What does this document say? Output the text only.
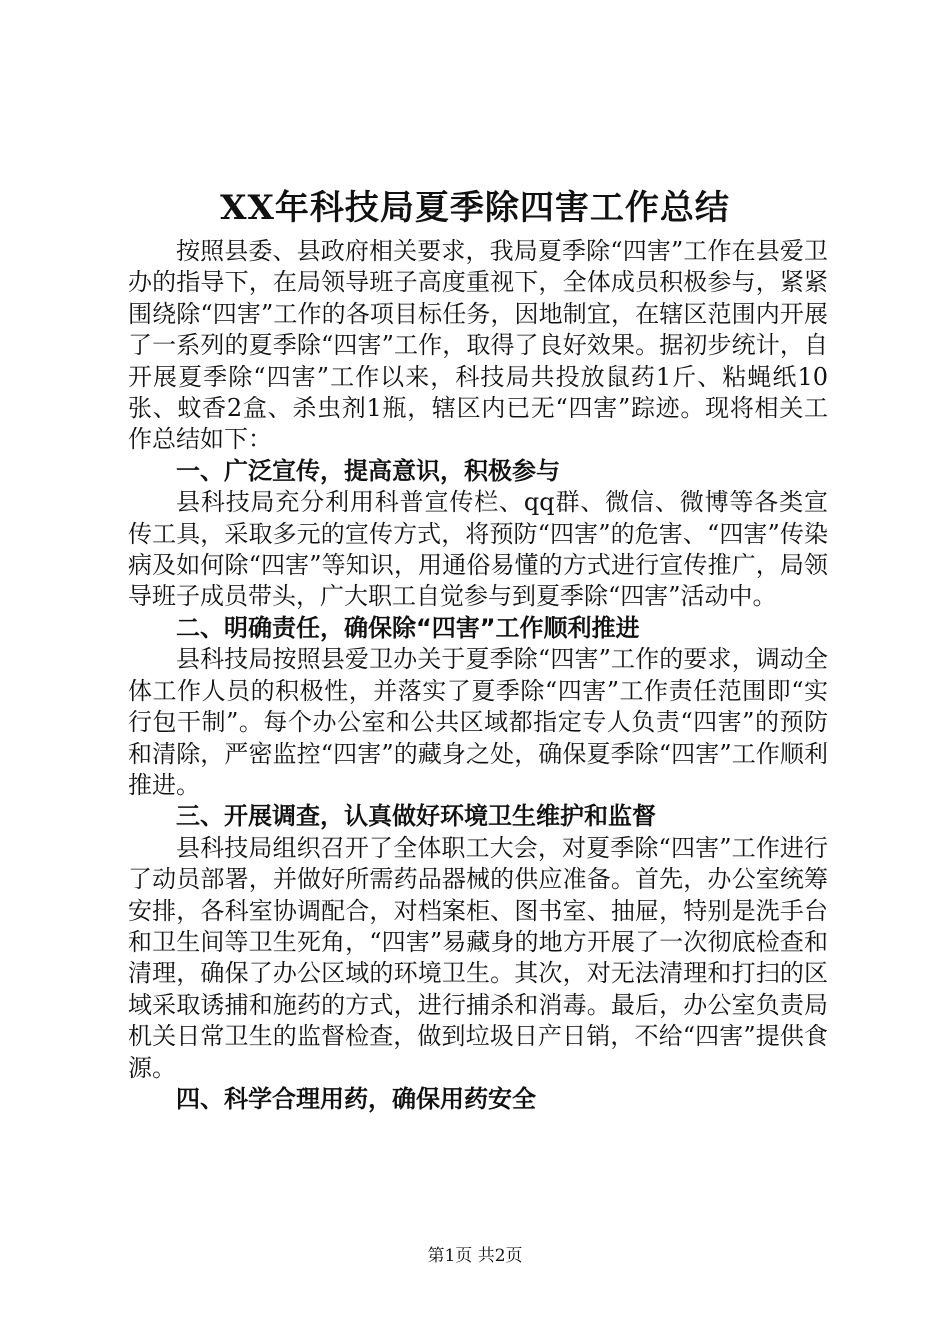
XX年科技局夏季除四害工作总结

按照县委、县政府相关要求，我局夏季除“四害”工作在县爱卫办的指导下，在局领导班子高度重视下，全体成员积极参与，紧紧围绕除“四害”工作的各项目标任务，因地制宜，在辖区范围内开展了一系列的夏季除“四害”工作，取得了良好效果。据初步统计，自开展夏季除“四害”工作以来，科技局共投放鼠药1斤、粘蝇纸10张、蚊香2盒、杀虫剂1瓶，辖区内已无“四害”踪迹。现将相关工作总结如下：

一、广泛宣传，提高意识，积极参与

县科技局充分利用科普宣传栏、qq群、微信、微博等各类宣传工具，采取多元的宣传方式，将预防“四害”的危害、“四害”传染病及如何除“四害”等知识，用通俗易懂的方式进行宣传推广，局领导班子成员带头，广大职工自觉参与到夏季除“四害”活动中。

二、明确责任，确保除“四害”工作顺利推进

县科技局按照县爱卫办关于夏季除“四害”工作的要求，调动全体工作人员的积极性，并落实了夏季除“四害”工作责任范围即“实行包干制”。每个办公室和公共区域都指定专人负责“四害”的预防和清除，严密监控“四害”的藏身之处，确保夏季除“四害”工作顺利推进。

三、开展调查，认真做好环境卫生维护和监督

县科技局组织召开了全体职工大会，对夏季除“四害”工作进行了动员部署，并做好所需药品器械的供应准备。首先，办公室统筹安排，各科室协调配合，对档案柜、图书室、抽屉，特别是洗手台和卫生间等卫生死角，“四害”易藏身的地方开展了一次彻底检查和清理，确保了办公区域的环境卫生。其次，对无法清理和打扫的区域采取诱捕和施药的方式，进行捕杀和消毒。最后，办公室负责局机关日常卫生的监督检查，做到垃圾日产日销，不给“四害”提供食源。

四、科学合理用药，确保用药安全
第1页 共2页
